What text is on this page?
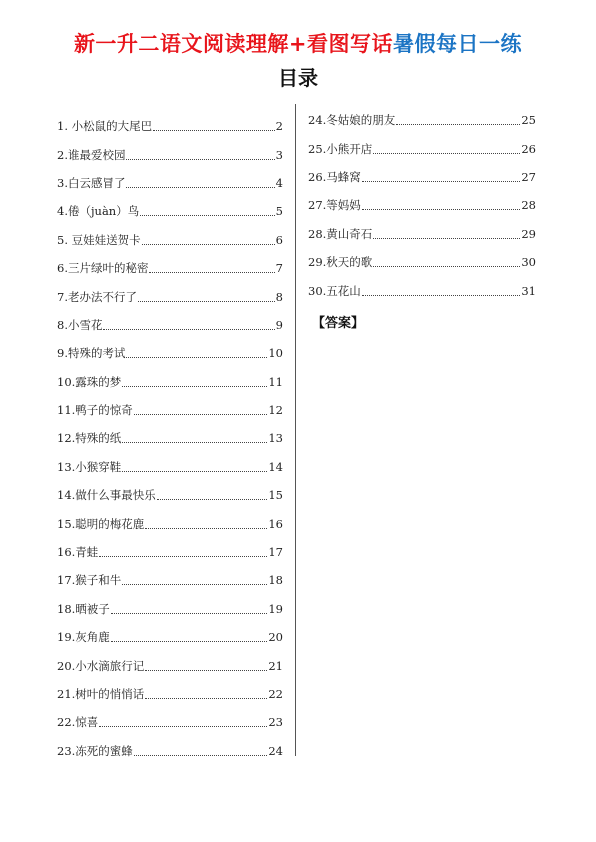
新一升二语文阅读理解+看图写话暑假每日一练
目录
1. 小松鼠的大尾巴	2
2.谁最爱校园	3
3.白云感冒了	4
4.倦（juàn）鸟	5
5. 豆娃娃送贺卡	6
6.三片绿叶的秘密	7
7.老办法不行了	8
8.小雪花	9
9.特殊的考试	10
10.露珠的梦	11
11.鸭子的惊奇	12
12.特殊的纸	13
13.小猴穿鞋	14
14.做什么事最快乐	15
15.聪明的梅花鹿	16
16.青蛙	17
17.猴子和牛	18
18.晒被子	19
19.灰角鹿	20
20.小水滴旅行记	21
21.树叶的悄悄话	22
22.惊喜	23
23.冻死的蜜蜂	24
24.冬姑娘的朋友	25
25.小熊开店	26
26.马蜂窝	27
27.等妈妈	28
28.黄山奇石	29
29.秋天的歌	30
30.五花山	31
【答案】
